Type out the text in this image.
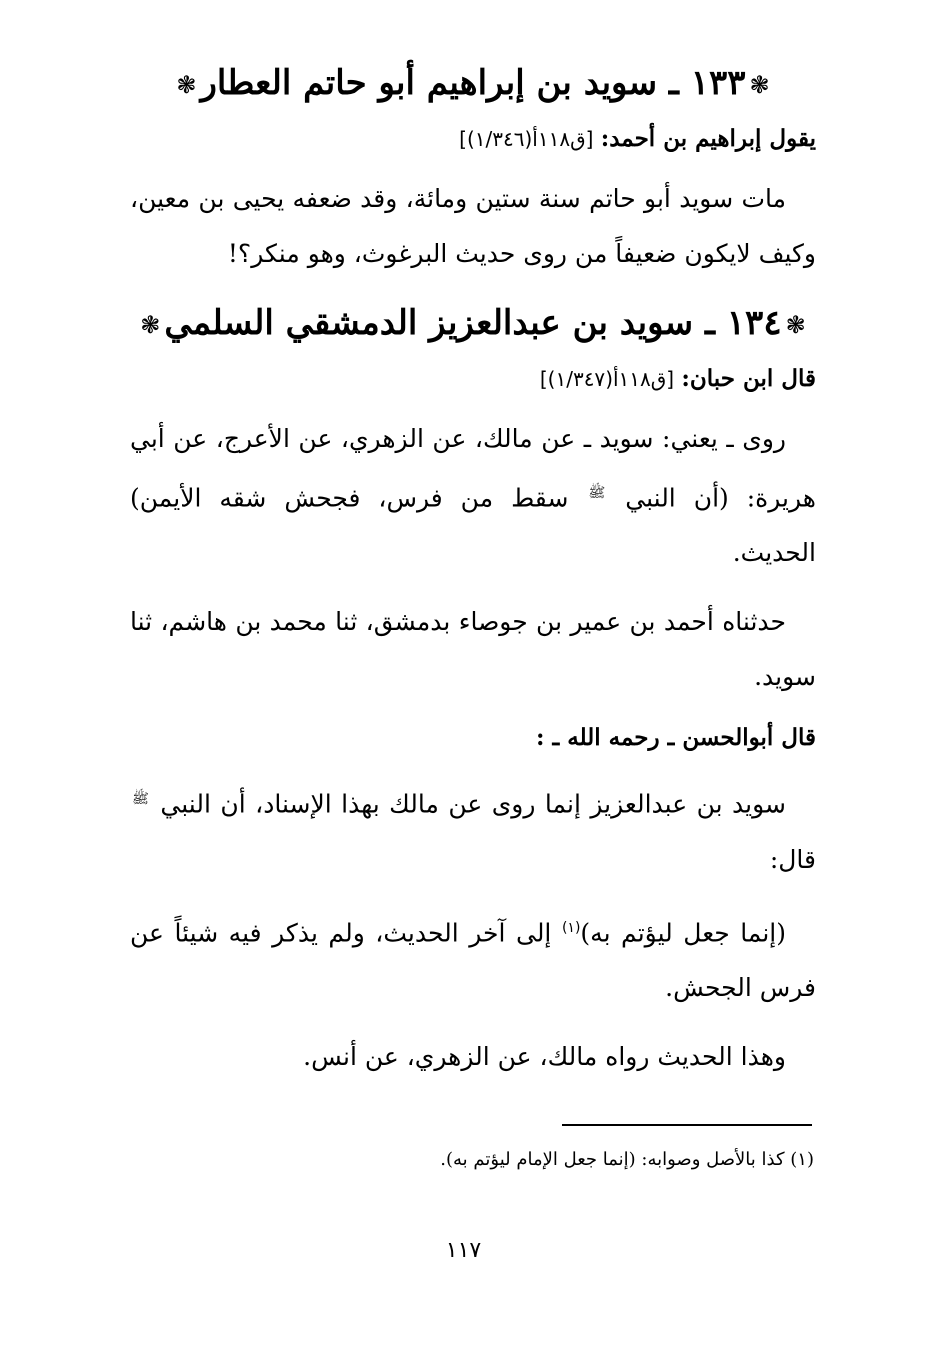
❃١٣٣ ـ سويد بن إبراهيم أبو حاتم العطار❃
يقول إبراهيم بن أحمد: [ق١١٨أ(١/٣٤٦)]

مات سويد أبو حاتم سنة ستين ومائة، وقد ضعفه يحيى بن معين، وكيف لايكون ضعيفاً من روى حديث البرغوث، وهو منكر؟!

❃١٣٤ ـ سويد بن عبدالعزيز الدمشقي السلمي❃
قال ابن حبان: [ق١١٨أ(١/٣٤٧)]

روى ـ يعني: سويد ـ عن مالك، عن الزهري، عن الأعرج، عن أبي هريرة: (أن النبي $^ﷺ$ سقط من فرس، فجحش شقه الأيمن) الحديث.

حدثناه أحمد بن عمير بن جوصاء بدمشق، ثنا محمد بن هاشم، ثنا سويد.

قال أبوالحسن ـ رحمه الله ـ :

سويد بن عبدالعزيز إنما روى عن مالك بهذا الإسناد، أن النبي $^ﷺ$ قال:

(إنما جعل ليؤتم به)$^{(١)}$ إلى آخر الحديث، ولم يذكر فيه شيئاً عن فرس الجحش.

وهذا الحديث رواه مالك، عن الزهري، عن أنس.

(١) كذا بالأصل وصوابه: (إنما جعل الإمام ليؤتم به).
١١٧
